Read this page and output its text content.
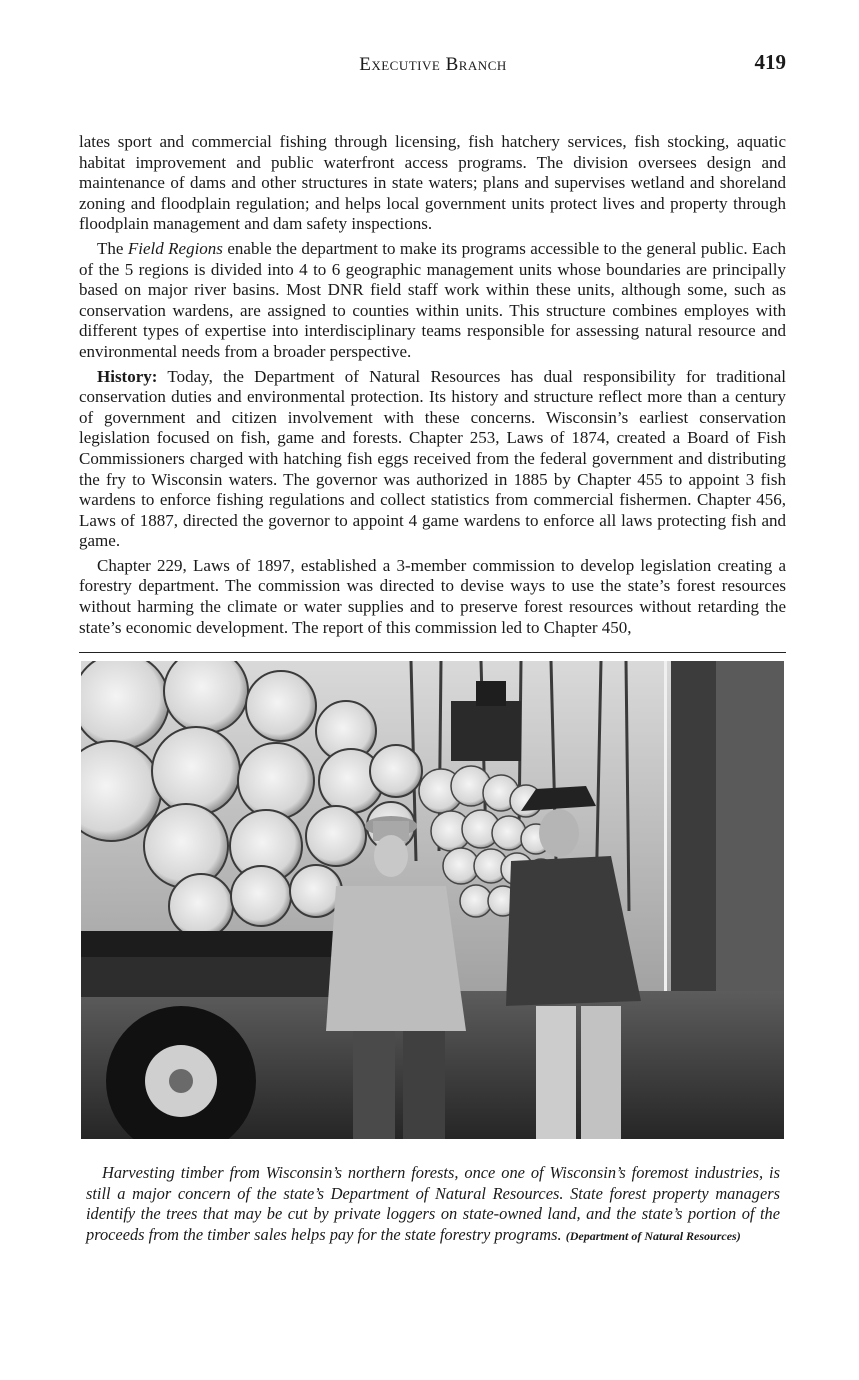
Executive Branch	419

lates sport and commercial fishing through licensing, fish hatchery services, fish stocking, aquatic habitat improvement and public waterfront access programs. The division oversees design and maintenance of dams and other structures in state waters; plans and supervises wetland and shoreland zoning and floodplain regulation; and helps local government units protect lives and property through floodplain management and dam safety inspections.

The Field Regions enable the department to make its programs accessible to the general public. Each of the 5 regions is divided into 4 to 6 geographic management units whose boundaries are principally based on major river basins. Most DNR field staff work within these units, although some, such as conservation wardens, are assigned to counties within units. This structure combines employes with different types of expertise into interdisciplinary teams responsible for assessing natural resource and environmental needs from a broader perspective.

History: Today, the Department of Natural Resources has dual responsibility for traditional conservation duties and environmental protection. Its history and structure reflect more than a century of government and citizen involvement with these concerns. Wisconsin’s earliest conservation legislation focused on fish, game and forests. Chapter 253, Laws of 1874, created a Board of Fish Commissioners charged with hatching fish eggs received from the federal government and distributing the fry to Wisconsin waters. The governor was authorized in 1885 by Chapter 455 to appoint 3 fish wardens to enforce fishing regulations and collect statistics from commercial fishermen. Chapter 456, Laws of 1887, directed the governor to appoint 4 game wardens to enforce all laws protecting fish and game.

Chapter 229, Laws of 1897, established a 3-member commission to develop legislation creating a forestry department. The commission was directed to devise ways to use the state’s forest resources without harming the climate or water supplies and to preserve forest resources without retarding the state’s economic development. The report of this commission led to Chapter 450,

Harvesting timber from Wisconsin’s northern forests, once one of Wisconsin’s foremost industries, is still a major concern of the state’s Department of Natural Resources. State forest property managers identify the trees that may be cut by private loggers on state-owned land, and the state’s portion of the proceeds from the timber sales helps pay for the state forestry programs. (Department of Natural Resources)
